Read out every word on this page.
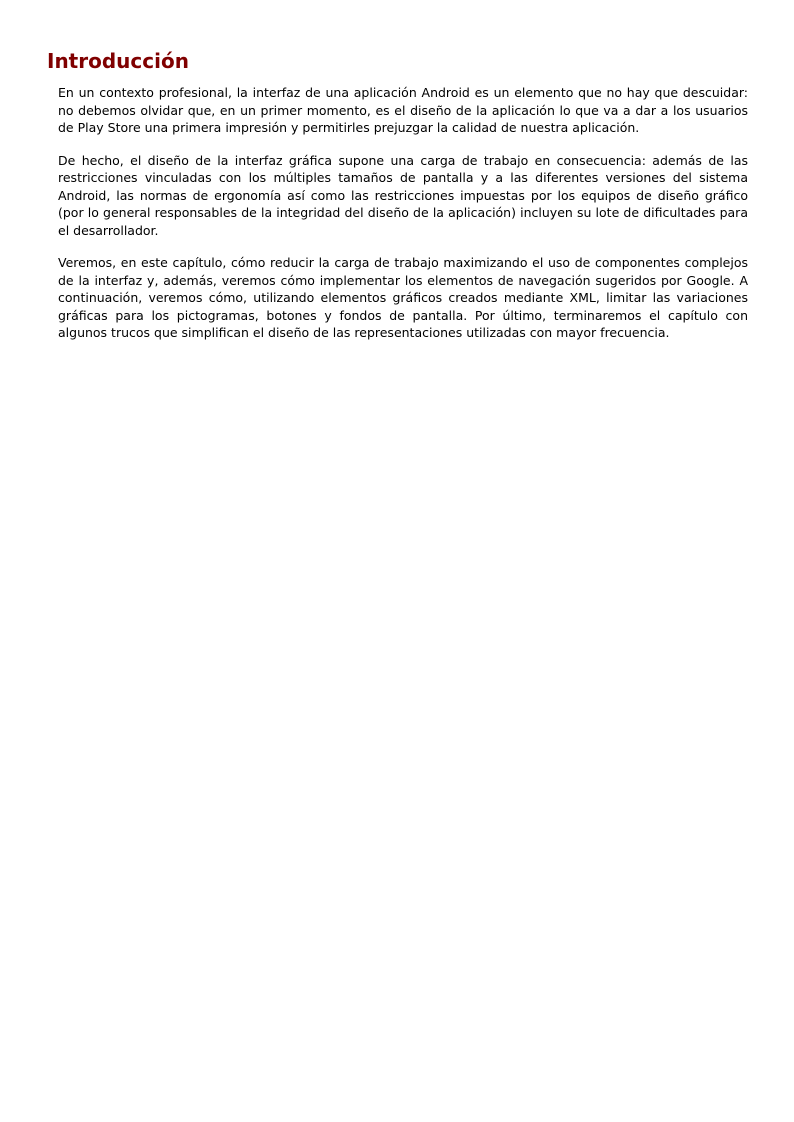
Introducción

En un contexto profesional, la interfaz de una aplicación Android es un elemento que no hay que descuidar: no debemos olvidar que, en un primer momento, es el diseño de la aplicación lo que va a dar a los usuarios de Play Store una primera impresión y permitirles prejuzgar la calidad de nuestra aplicación.

De hecho, el diseño de la interfaz gráfica supone una carga de trabajo en consecuencia: además de las restricciones vinculadas con los múltiples tamaños de pantalla y a las diferentes versiones del sistema Android, las normas de ergonomía así como las restricciones impuestas por los equipos de diseño gráfico (por lo general responsables de la integridad del diseño de la aplicación) incluyen su lote de dificultades para el desarrollador.

Veremos, en este capítulo, cómo reducir la carga de trabajo maximizando el uso de componentes complejos de la interfaz y, además, veremos cómo implementar los elementos de navegación sugeridos por Google. A continuación, veremos cómo, utilizando elementos gráficos creados mediante XML, limitar las variaciones gráficas para los pictogramas, botones y fondos de pantalla. Por último, terminaremos el capítulo con algunos trucos que simplifican el diseño de las representaciones utilizadas con mayor frecuencia.
